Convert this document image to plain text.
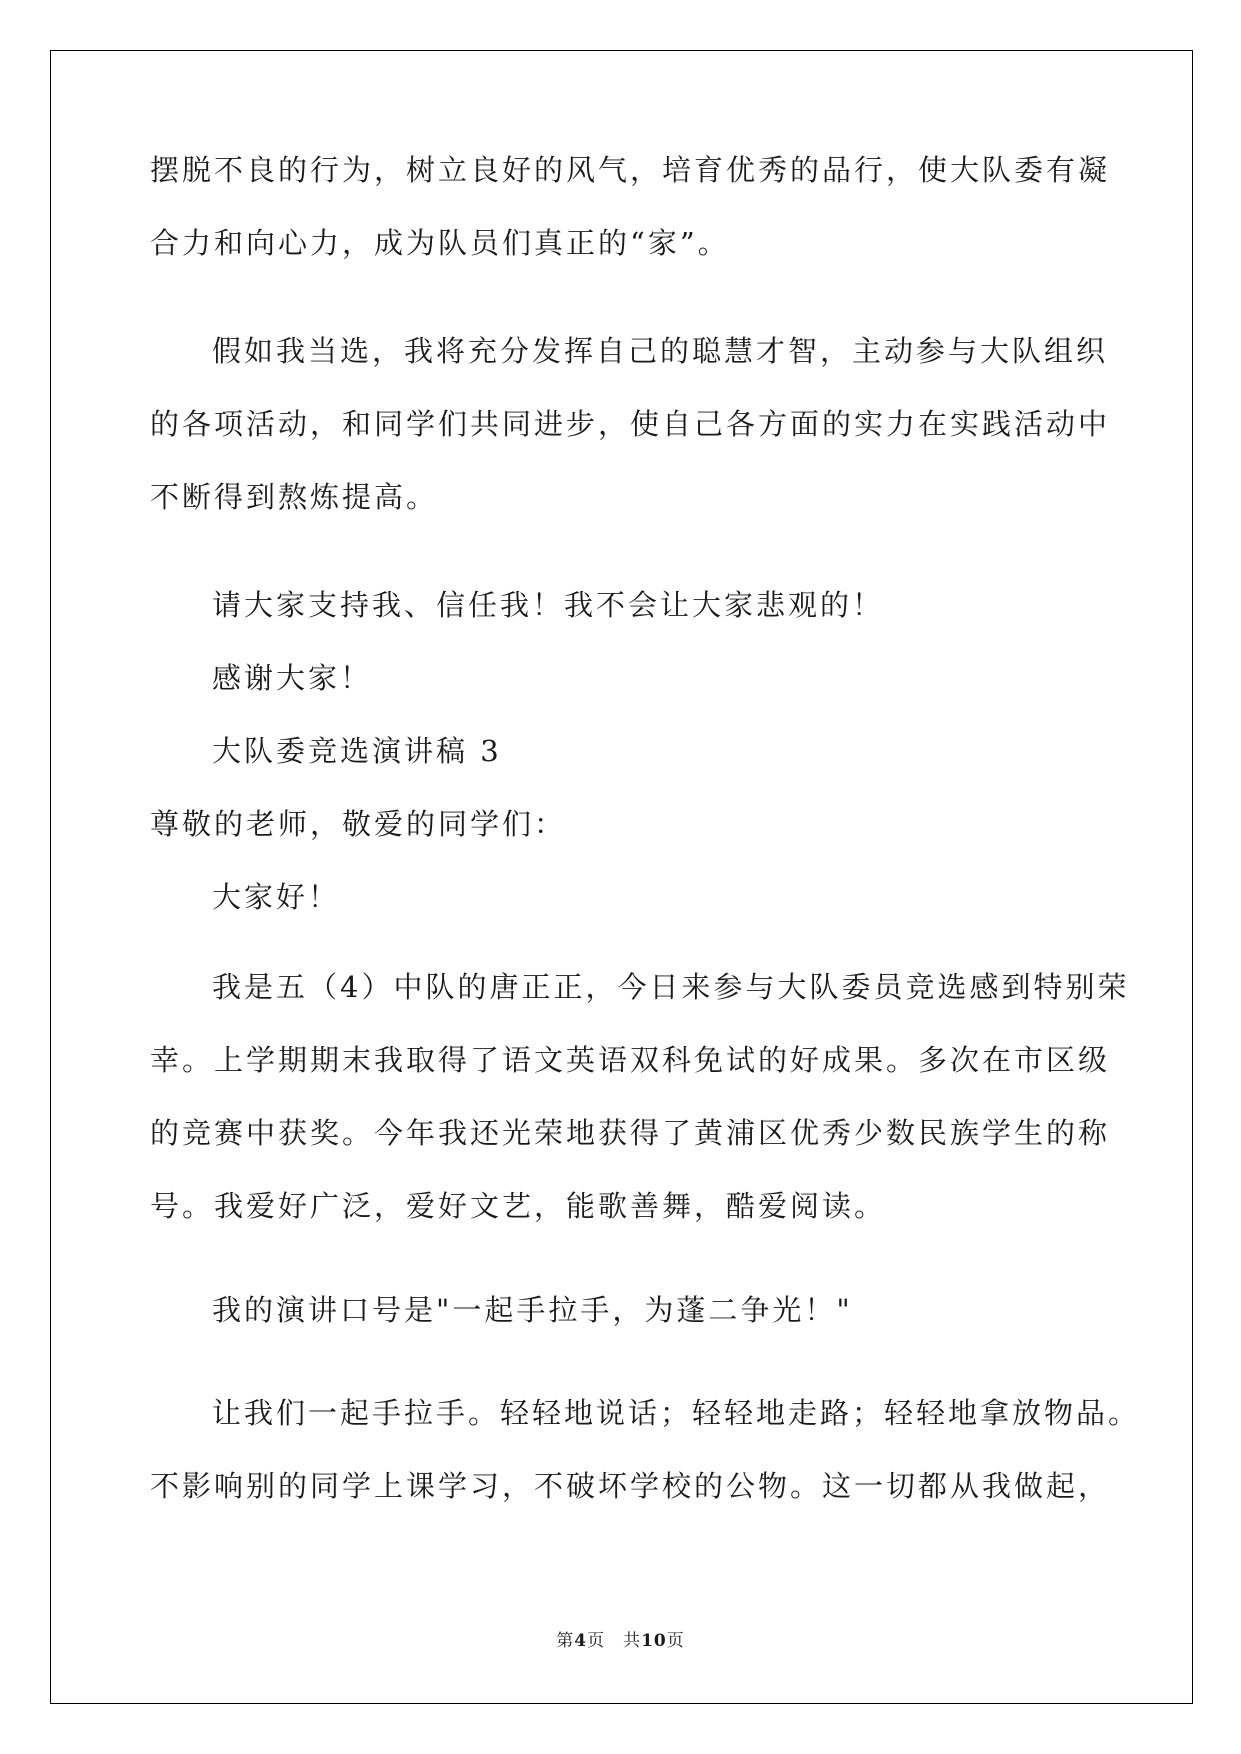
摆脱不良的行为，树立良好的风气，培育优秀的品行，使大队委有凝
合力和向心力，成为队员们真正的“家”。
假如我当选，我将充分发挥自己的聪慧才智，主动参与大队组织
的各项活动，和同学们共同进步，使自己各方面的实力在实践活动中
不断得到熬炼提高。
请大家支持我、信任我！我不会让大家悲观的！
感谢大家！
大队委竞选演讲稿 3
尊敬的老师，敬爱的同学们：
大家好！
我是五（4）中队的唐正正，今日来参与大队委员竞选感到特别荣
幸。上学期期末我取得了语文英语双科免试的好成果。多次在市区级
的竞赛中获奖。今年我还光荣地获得了黄浦区优秀少数民族学生的称
号。我爱好广泛，爱好文艺，能歌善舞，酷爱阅读。
我的演讲口号是"一起手拉手，为蓬二争光！"
让我们一起手拉手。轻轻地说话；轻轻地走路；轻轻地拿放物品。
不影响别的同学上课学习，不破坏学校的公物。这一切都从我做起，
第4页　共10页
